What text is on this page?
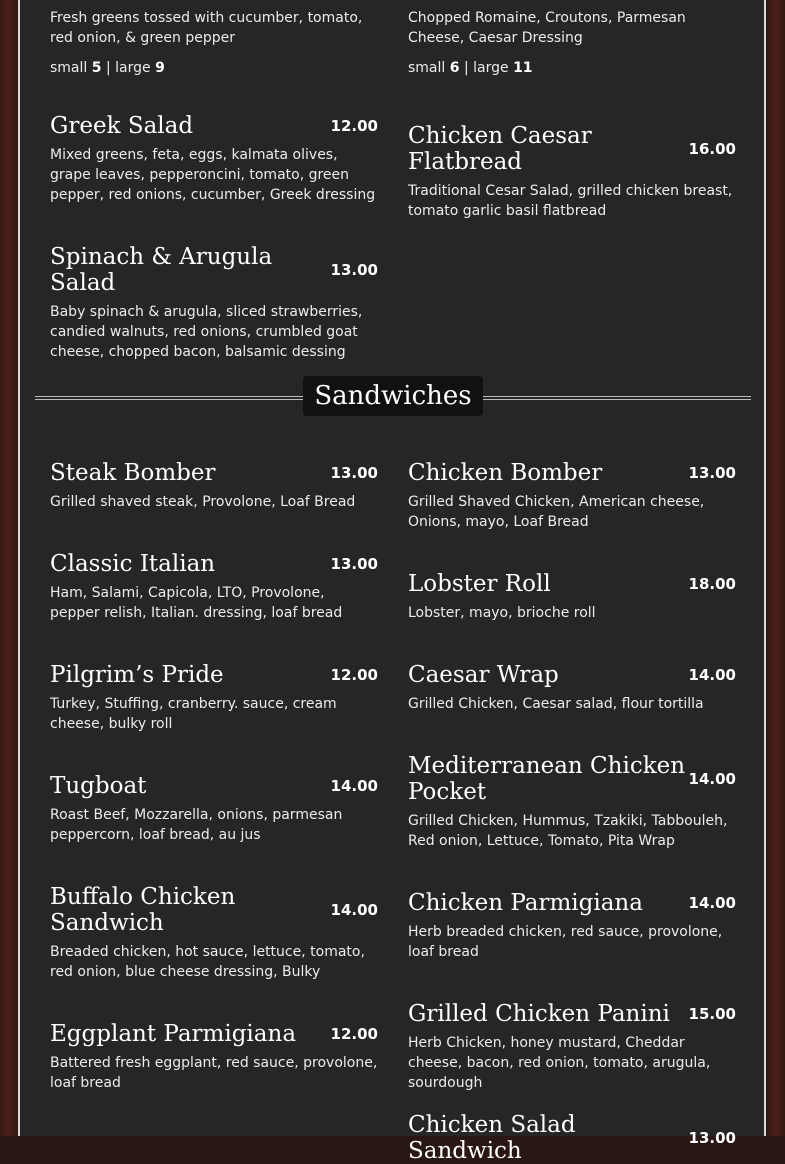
Fresh greens tossed with cucumber, tomato, red onion, & green pepper

small 5 | large 9

Chopped Romaine, Croutons, Parmesan Cheese, Caesar Dressing

small 6 | large 11
Greek Salad	12.00

Mixed greens, feta, eggs, kalmata olives, grape leaves, pepperoncini, tomato, green pepper, red onions, cucumber, Greek dressing

Spinach & Arugula Salad	13.00

Baby spinach & arugula, sliced strawberries, candied walnuts, red onions, crumbled goat cheese, chopped bacon, balsamic dessing

Chicken Caesar Flatbread	16.00

Traditional Cesar Salad, grilled chicken breast, tomato garlic basil flatbread

Sandwiches
Steak Bomber	13.00

Grilled shaved steak, Provolone, Loaf Bread

Classic Italian	13.00

Ham, Salami, Capicola, LTO, Provolone, pepper relish, Italian. dressing, loaf bread

Pilgrim’s Pride	12.00

Turkey, Stuffing, cranberry. sauce, cream cheese, bulky roll

Tugboat	14.00

Roast Beef, Mozzarella, onions, parmesan peppercorn, loaf bread, au jus

Buffalo Chicken Sandwich	14.00

Breaded chicken, hot sauce, lettuce, tomato, red onion, blue cheese dressing, Bulky

Eggplant Parmigiana	12.00

Battered fresh eggplant, red sauce, provolone, loaf bread

Chicken Bomber	13.00

Grilled Shaved Chicken, American cheese, Onions, mayo, Loaf Bread

Lobster Roll	18.00

Lobster, mayo, brioche roll

Caesar Wrap	14.00

Grilled Chicken, Caesar salad, flour tortilla

Mediterranean Chicken Pocket	14.00

Grilled Chicken, Hummus, Tzakiki, Tabbouleh, Red onion, Lettuce, Tomato, Pita Wrap

Chicken Parmigiana	14.00

Herb breaded chicken, red sauce, provolone, loaf bread

Grilled Chicken Panini	15.00

Herb Chicken, honey mustard, Cheddar cheese, bacon, red onion, tomato, arugula, sourdough

Chicken Salad Sandwich	13.00
